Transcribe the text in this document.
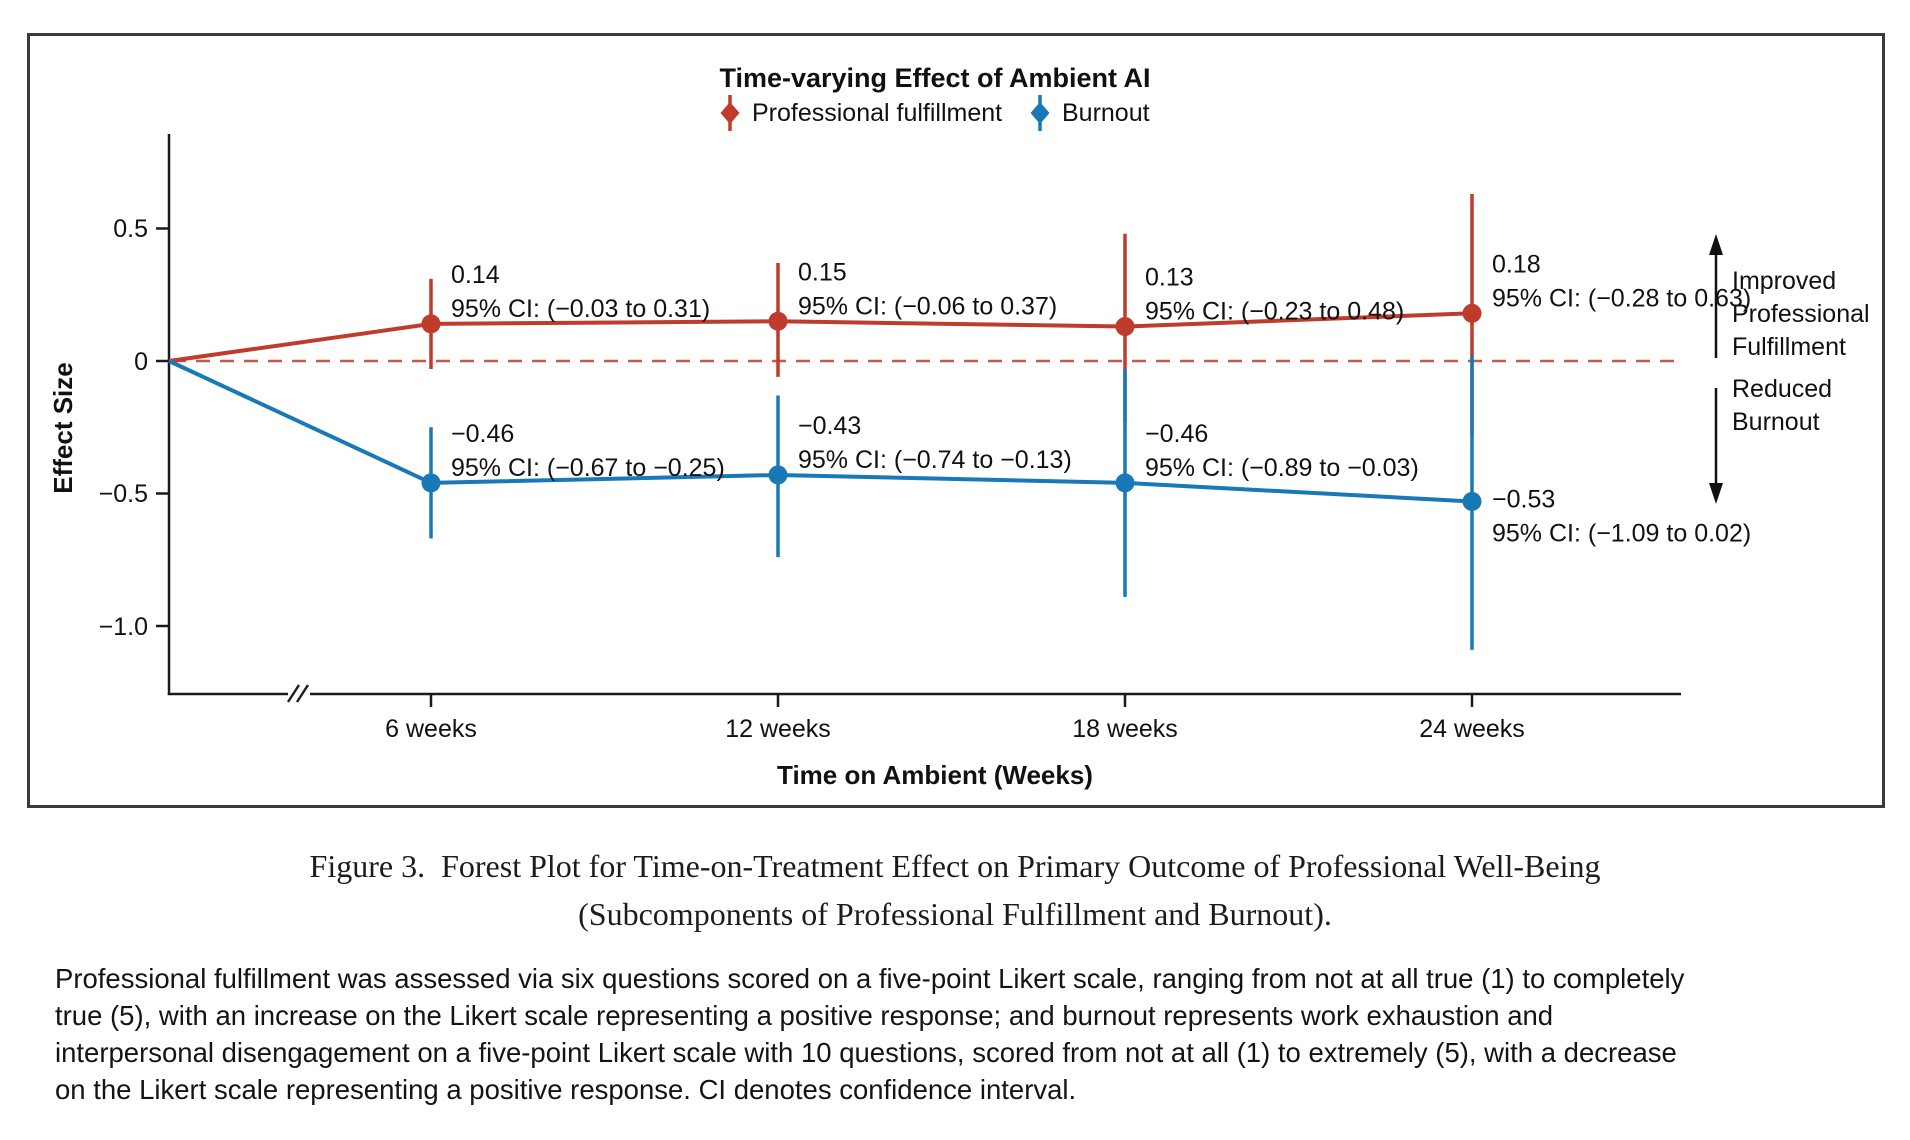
Time-varying Effect of Ambient AI
Professional fulfillment Burnout
0.5
0
−0.5
−1.0
6 weeks	12 weeks	18 weeks	24 weeks
Effect Size
Time on Ambient (Weeks)
0.14
95% CI: (−0.03 to 0.31)
0.15
95% CI: (−0.06 to 0.37)
0.13
95% CI: (−0.23 to 0.48)
0.18
95% CI: (−0.28 to 0.63)
−0.46
95% CI: (−0.67 to −0.25)
−0.43
95% CI: (−0.74 to −0.13)
−0.46
95% CI: (−0.89 to −0.03)
−0.53
95% CI: (−1.09 to 0.02)
Improved
Professional
Fulfillment
Reduced
Burnout
Figure 3.  Forest Plot for Time-on-Treatment Effect on Primary Outcome of Professional Well-Being
(Subcomponents of Professional Fulfillment and Burnout).
Professional fulfillment was assessed via six questions scored on a five-point Likert scale, ranging from not at all true (1) to completely
true (5), with an increase on the Likert scale representing a positive response; and burnout represents work exhaustion and
interpersonal disengagement on a five-point Likert scale with 10 questions, scored from not at all (1) to extremely (5), with a decrease
on the Likert scale representing a positive response. CI denotes confidence interval.
